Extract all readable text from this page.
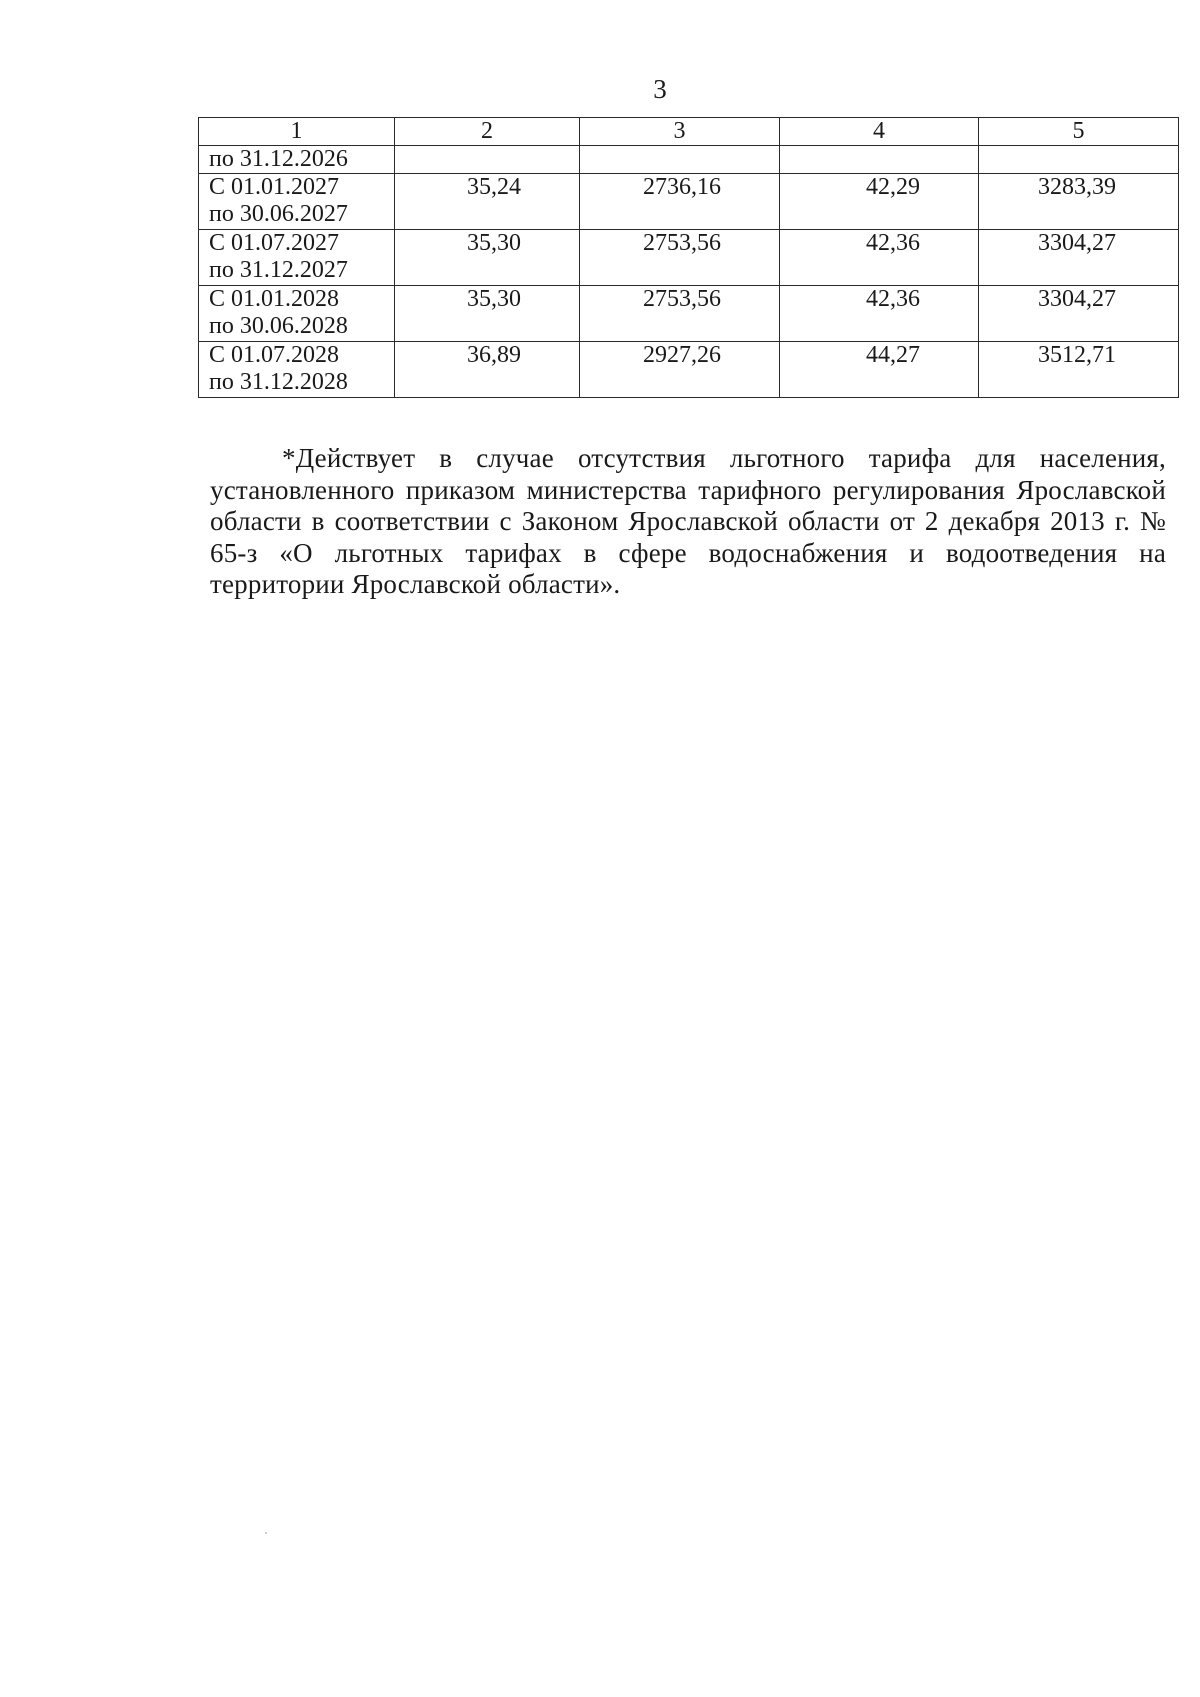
3
1	2	3	4	5
по 31.12.2026				
С 01.01.2027
по 30.06.2027	35,24	2736,16	42,29	3283,39
С 01.07.2027
по 31.12.2027	35,30	2753,56	42,36	3304,27
С 01.01.2028
по 30.06.2028	35,30	2753,56	42,36	3304,27
С 01.07.2028
по 31.12.2028	36,89	2927,26	44,27	3512,71

*Действует в случае отсутствия льготного тарифа для населения, установленного приказом министерства тарифного регулирования Ярославской области в соответствии с Законом Ярославской области от 2 декабря 2013 г. № 65-з «О льготных тарифах в сфере водоснабжения и водоотведения на территории Ярославской области».
